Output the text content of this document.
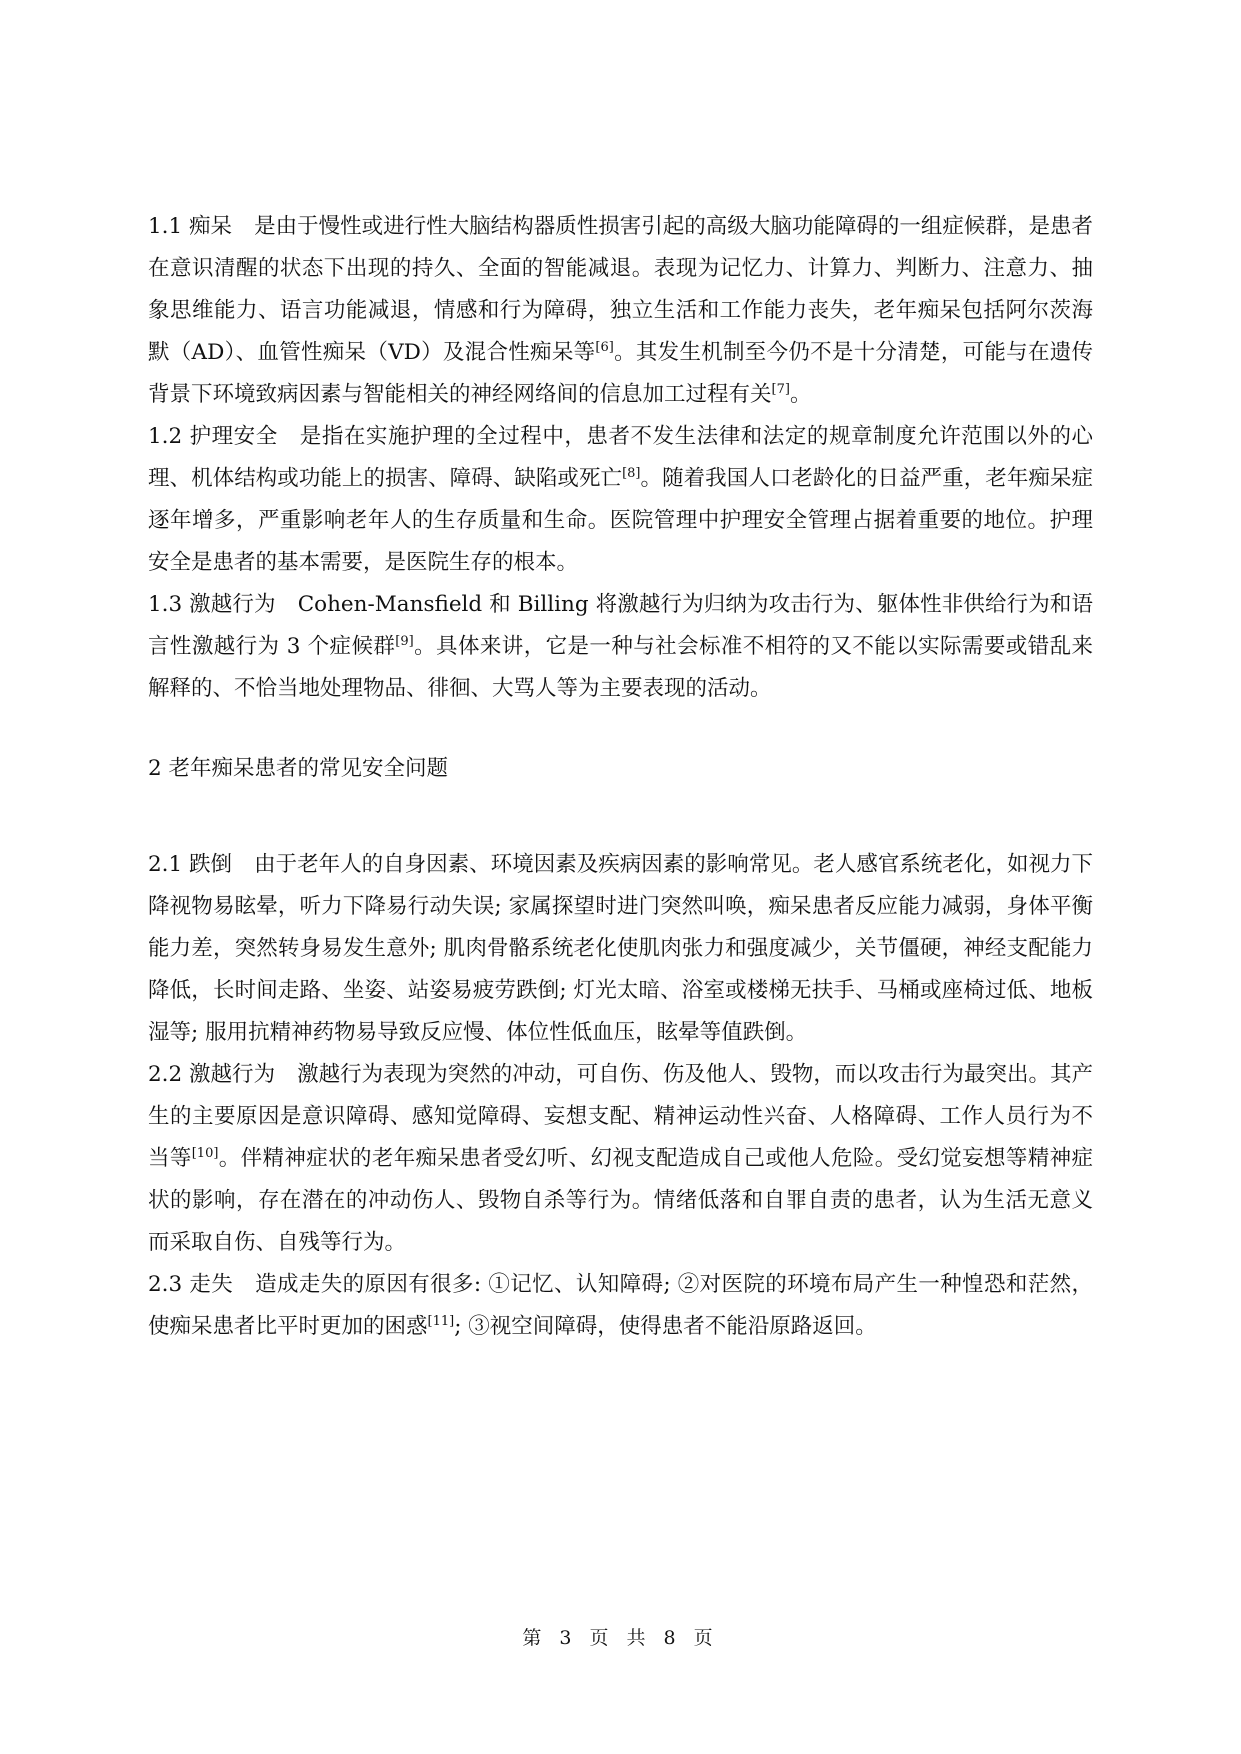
1.1 痴呆 是由于慢性或进行性大脑结构器质性损害引起的高级大脑功能障碍的一组症候群，是患者在意识清醒的状态下出现的持久、全面的智能减退。表现为记忆力、计算力、判断力、注意力、抽象思维能力、语言功能减退，情感和行为障碍，独立生活和工作能力丧失，老年痴呆包括阿尔茨海默（AD）、血管性痴呆（VD）及混合性痴呆等[6]。其发生机制至今仍不是十分清楚，可能与在遗传背景下环境致病因素与智能相关的神经网络间的信息加工过程有关[7]。

1.2 护理安全 是指在实施护理的全过程中，患者不发生法律和法定的规章制度允许范围以外的心理、机体结构或功能上的损害、障碍、缺陷或死亡[8]。随着我国人口老龄化的日益严重，老年痴呆症逐年增多，严重影响老年人的生存质量和生命。医院管理中护理安全管理占据着重要的地位。护理安全是患者的基本需要，是医院生存的根本。

1.3 激越行为 Cohen-Mansfield 和 Billing 将激越行为归纳为攻击行为、躯体性非供给行为和语言性激越行为 3 个症候群[9]。具体来讲，它是一种与社会标准不相符的又不能以实际需要或错乱来解释的、不恰当地处理物品、徘徊、大骂人等为主要表现的活动。

2 老年痴呆患者的常见安全问题

2.1 跌倒 由于老年人的自身因素、环境因素及疾病因素的影响常见。老人感官系统老化，如视力下降视物易眩晕，听力下降易行动失误; 家属探望时进门突然叫唤，痴呆患者反应能力减弱，身体平衡能力差，突然转身易发生意外; 肌肉骨骼系统老化使肌肉张力和强度减少，关节僵硬，神经支配能力降低，长时间走路、坐姿、站姿易疲劳跌倒; 灯光太暗、浴室或楼梯无扶手、马桶或座椅过低、地板湿等; 服用抗精神药物易导致反应慢、体位性低血压，眩晕等值跌倒。

2.2 激越行为 激越行为表现为突然的冲动，可自伤、伤及他人、毁物，而以攻击行为最突出。其产生的主要原因是意识障碍、感知觉障碍、妄想支配、精神运动性兴奋、人格障碍、工作人员行为不当等[10]。伴精神症状的老年痴呆患者受幻听、幻视支配造成自己或他人危险。受幻觉妄想等精神症状的影响，存在潜在的冲动伤人、毁物自杀等行为。情绪低落和自罪自责的患者，认为生活无意义而采取自伤、自残等行为。

2.3 走失 造成走失的原因有很多: ①记忆、认知障碍; ②对医院的环境布局产生一种惶恐和茫然，使痴呆患者比平时更加的困惑[11]; ③视空间障碍，使得患者不能沿原路返回。

第 3 页 共 8 页
